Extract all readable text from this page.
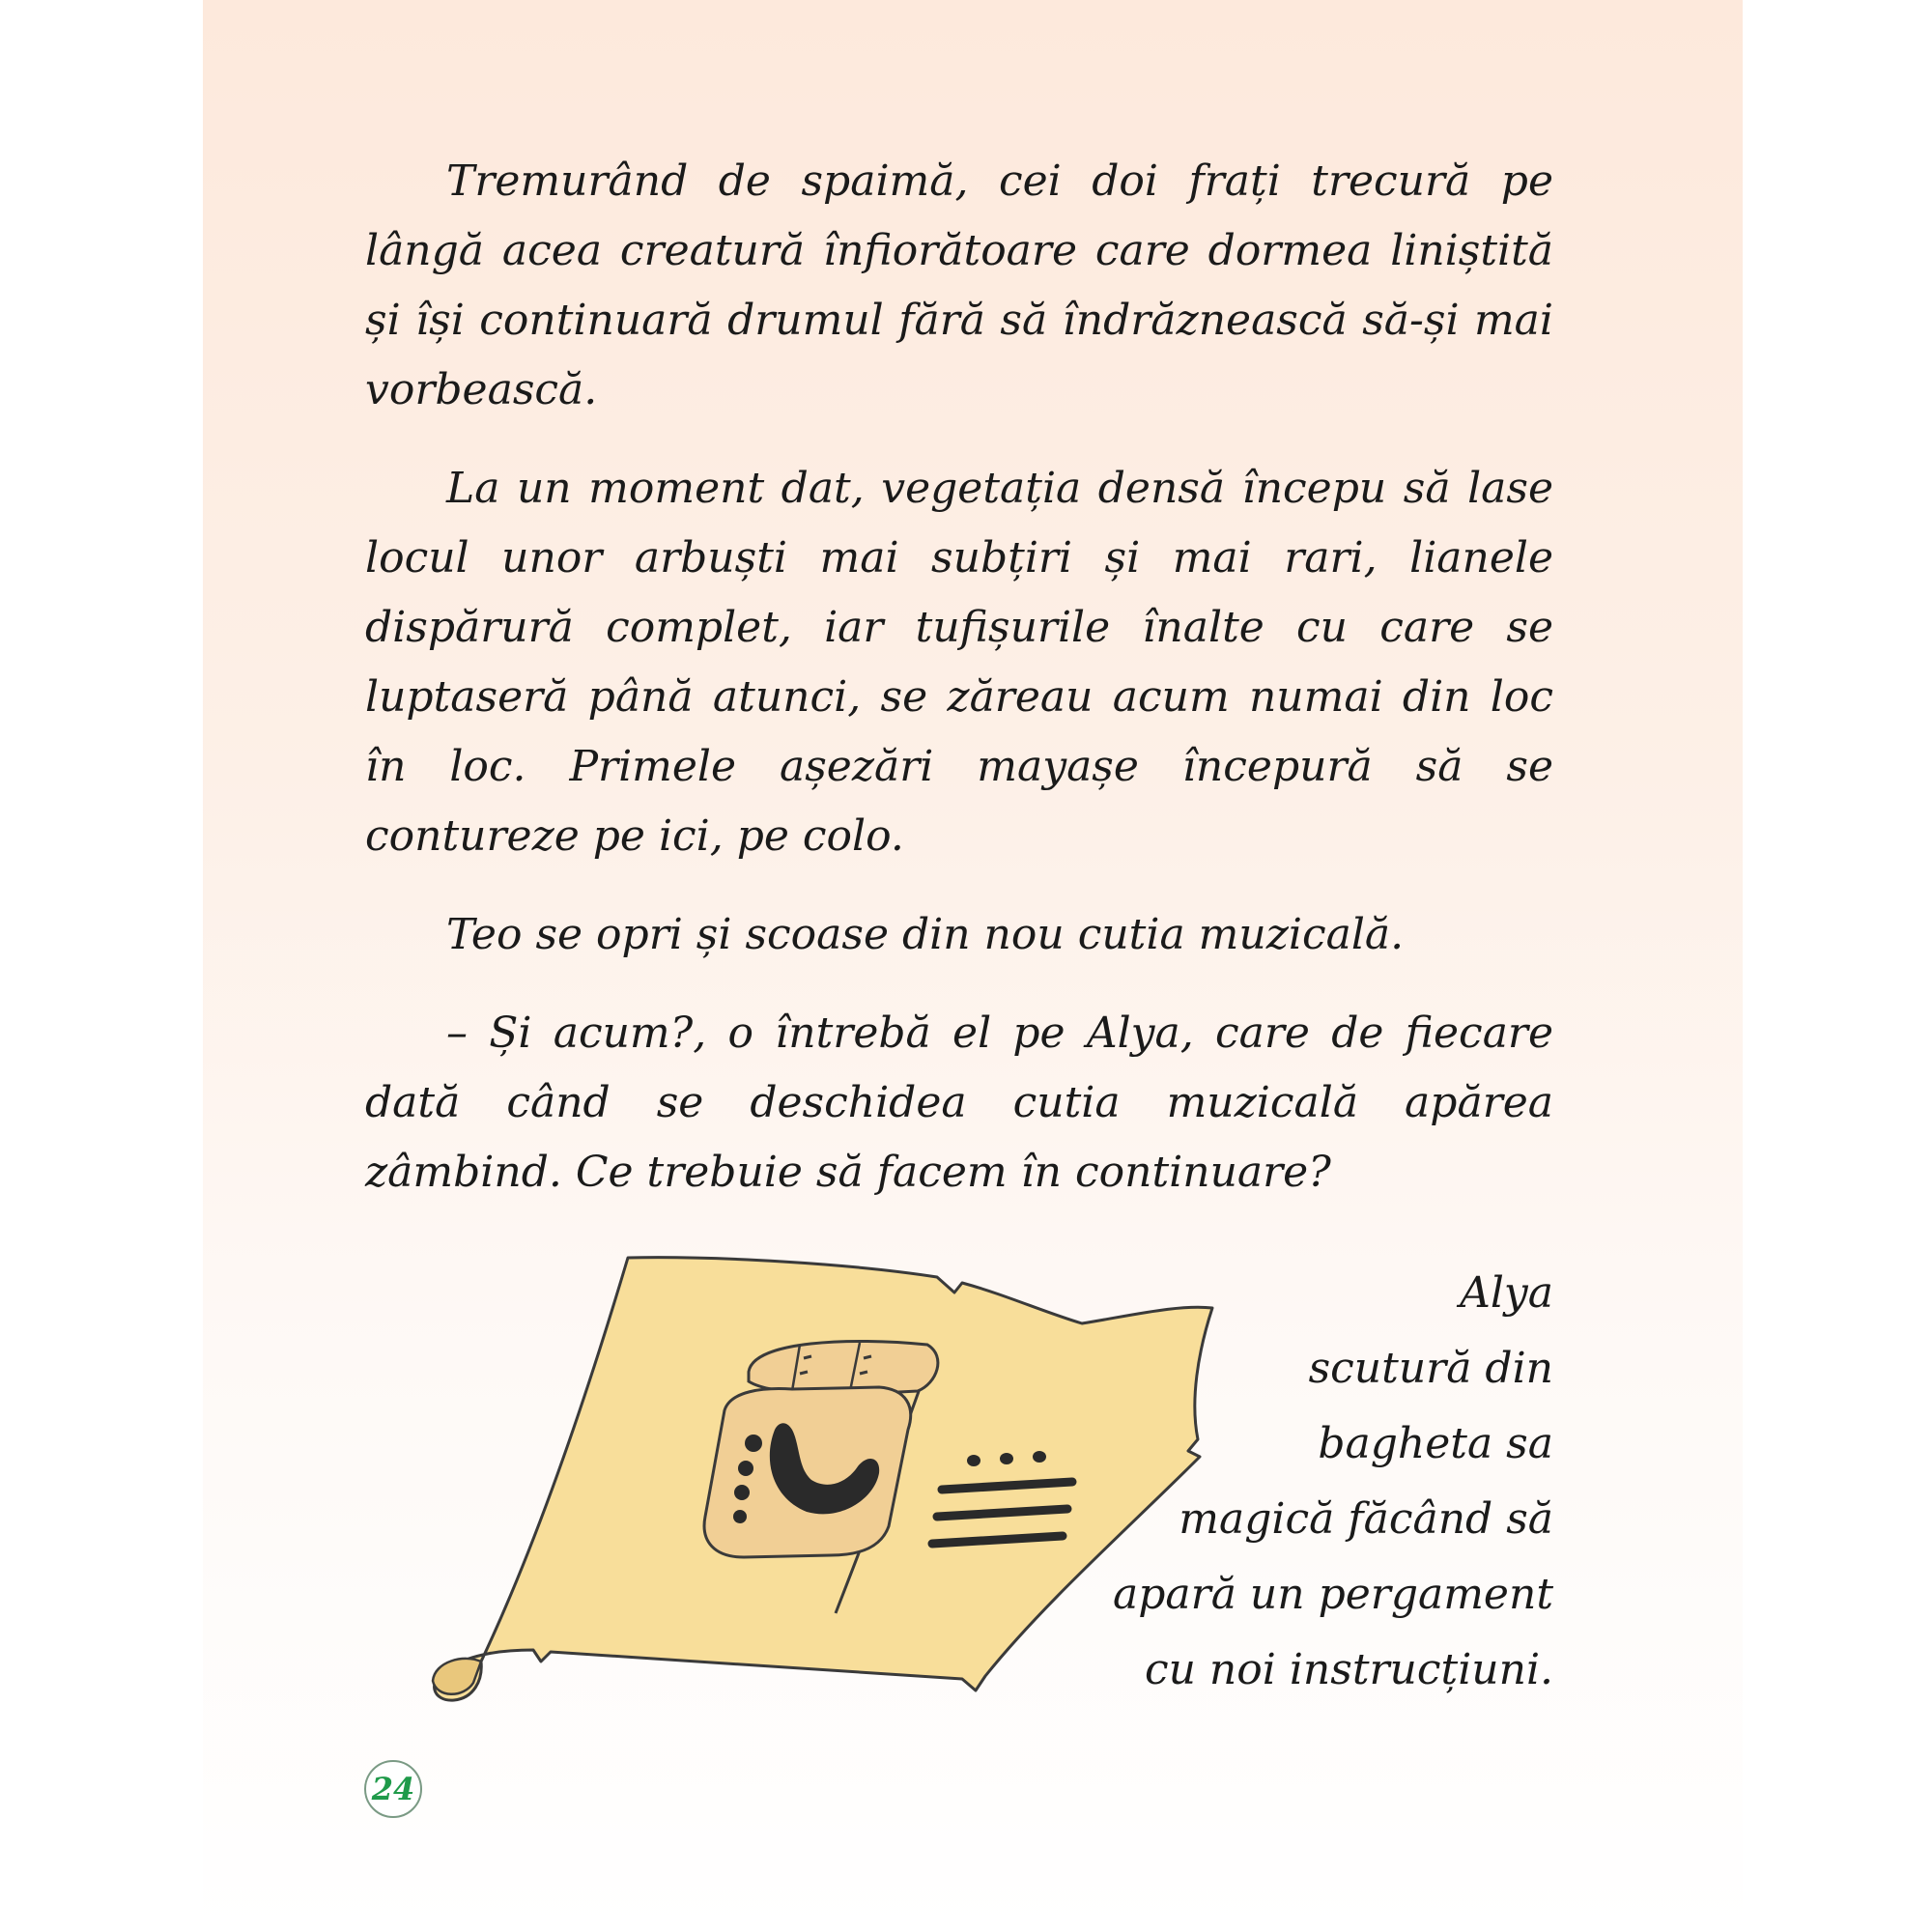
Tremurând de spaimă, cei doi frați trecură pe lângă acea creatură înfiorătoare care dormea liniștită și își continuară drumul fără să îndrăznească să-și mai vorbească.

La un moment dat, vegetația densă începu să lase locul unor arbuști mai subțiri și mai rari, lianele dispărură complet, iar tufișurile înalte cu care se luptaseră până atunci, se zăreau acum numai din loc în loc. Primele așezări mayașe începură să se contureze pe ici, pe colo.

Teo se opri și scoase din nou cutia muzicală.

– Și acum?, o întrebă el pe Alya, care de fiecare dată când se deschidea cutia muzicală apărea zâmbind. Ce trebuie să facem în continuare?

Alya
scutură din
bagheta sa
magică făcând să
apară un pergament
cu noi instrucțiuni.
24
